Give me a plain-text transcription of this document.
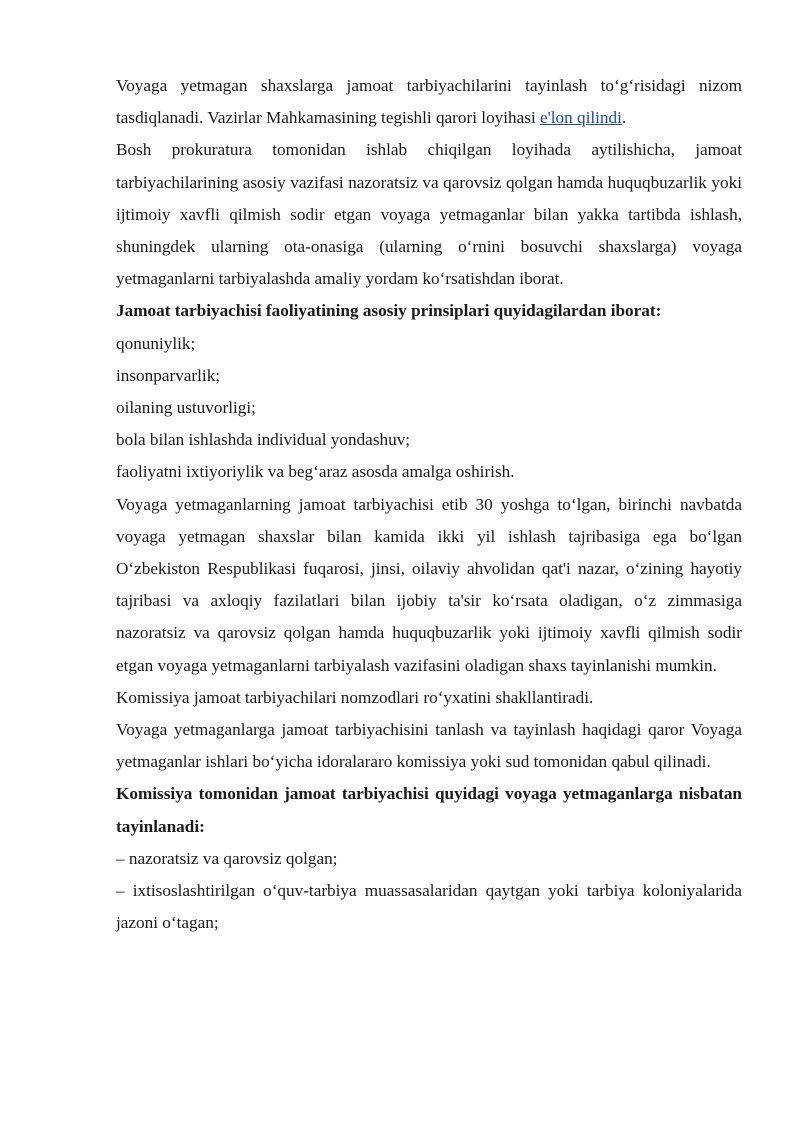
Voyaga yetmagan shaxslarga jamoat tarbiyachilarini tayinlash to‘g‘risidagi nizom tasdiqlanadi. Vazirlar Mahkamasining tegishli qarori loyihasi e'lon qilindi.

Bosh prokuratura tomonidan ishlab chiqilgan loyihada aytilishicha, jamoat tarbiyachilarining asosiy vazifasi nazoratsiz va qarovsiz qolgan hamda huquqbuzarlik yoki ijtimoiy xavfli qilmish sodir etgan voyaga yetmaganlar bilan yakka tartibda ishlash, shuningdek ularning ota-onasiga (ularning o‘rnini bosuvchi shaxslarga) voyaga yetmaganlarni tarbiyalashda amaliy yordam ko‘rsatishdan iborat.

Jamoat tarbiyachisi faoliyatining asosiy prinsiplari quyidagilardan iborat:

qonuniylik;

insonparvarlik;

oilaning ustuvorligi;

bola bilan ishlashda individual yondashuv;

faoliyatni ixtiyoriylik va beg‘araz asosda amalga oshirish.

Voyaga yetmaganlarning jamoat tarbiyachisi etib 30 yoshga to‘lgan, birinchi navbatda voyaga yetmagan shaxslar bilan kamida ikki yil ishlash tajribasiga ega bo‘lgan O‘zbekiston Respublikasi fuqarosi, jinsi, oilaviy ahvolidan qat'i nazar, o‘zining hayotiy tajribasi va axloqiy fazilatlari bilan ijobiy ta'sir ko‘rsata oladigan, o‘z zimmasiga nazoratsiz va qarovsiz qolgan hamda huquqbuzarlik yoki ijtimoiy xavfli qilmish sodir etgan voyaga yetmaganlarni tarbiyalash vazifasini oladigan shaxs tayinlanishi mumkin.

Komissiya jamoat tarbiyachilari nomzodlari ro‘yxatini shakllantiradi.

Voyaga yetmaganlarga jamoat tarbiyachisini tanlash va tayinlash haqidagi qaror Voyaga yetmaganlar ishlari bo‘yicha idoralararo komissiya yoki sud tomonidan qabul qilinadi.

Komissiya tomonidan jamoat tarbiyachisi quyidagi voyaga yetmaganlarga nisbatan tayinlanadi:

– nazoratsiz va qarovsiz qolgan;

– ixtisoslashtirilgan o‘quv-tarbiya muassasalaridan qaytgan yoki tarbiya koloniyalarida jazoni o‘tagan;
